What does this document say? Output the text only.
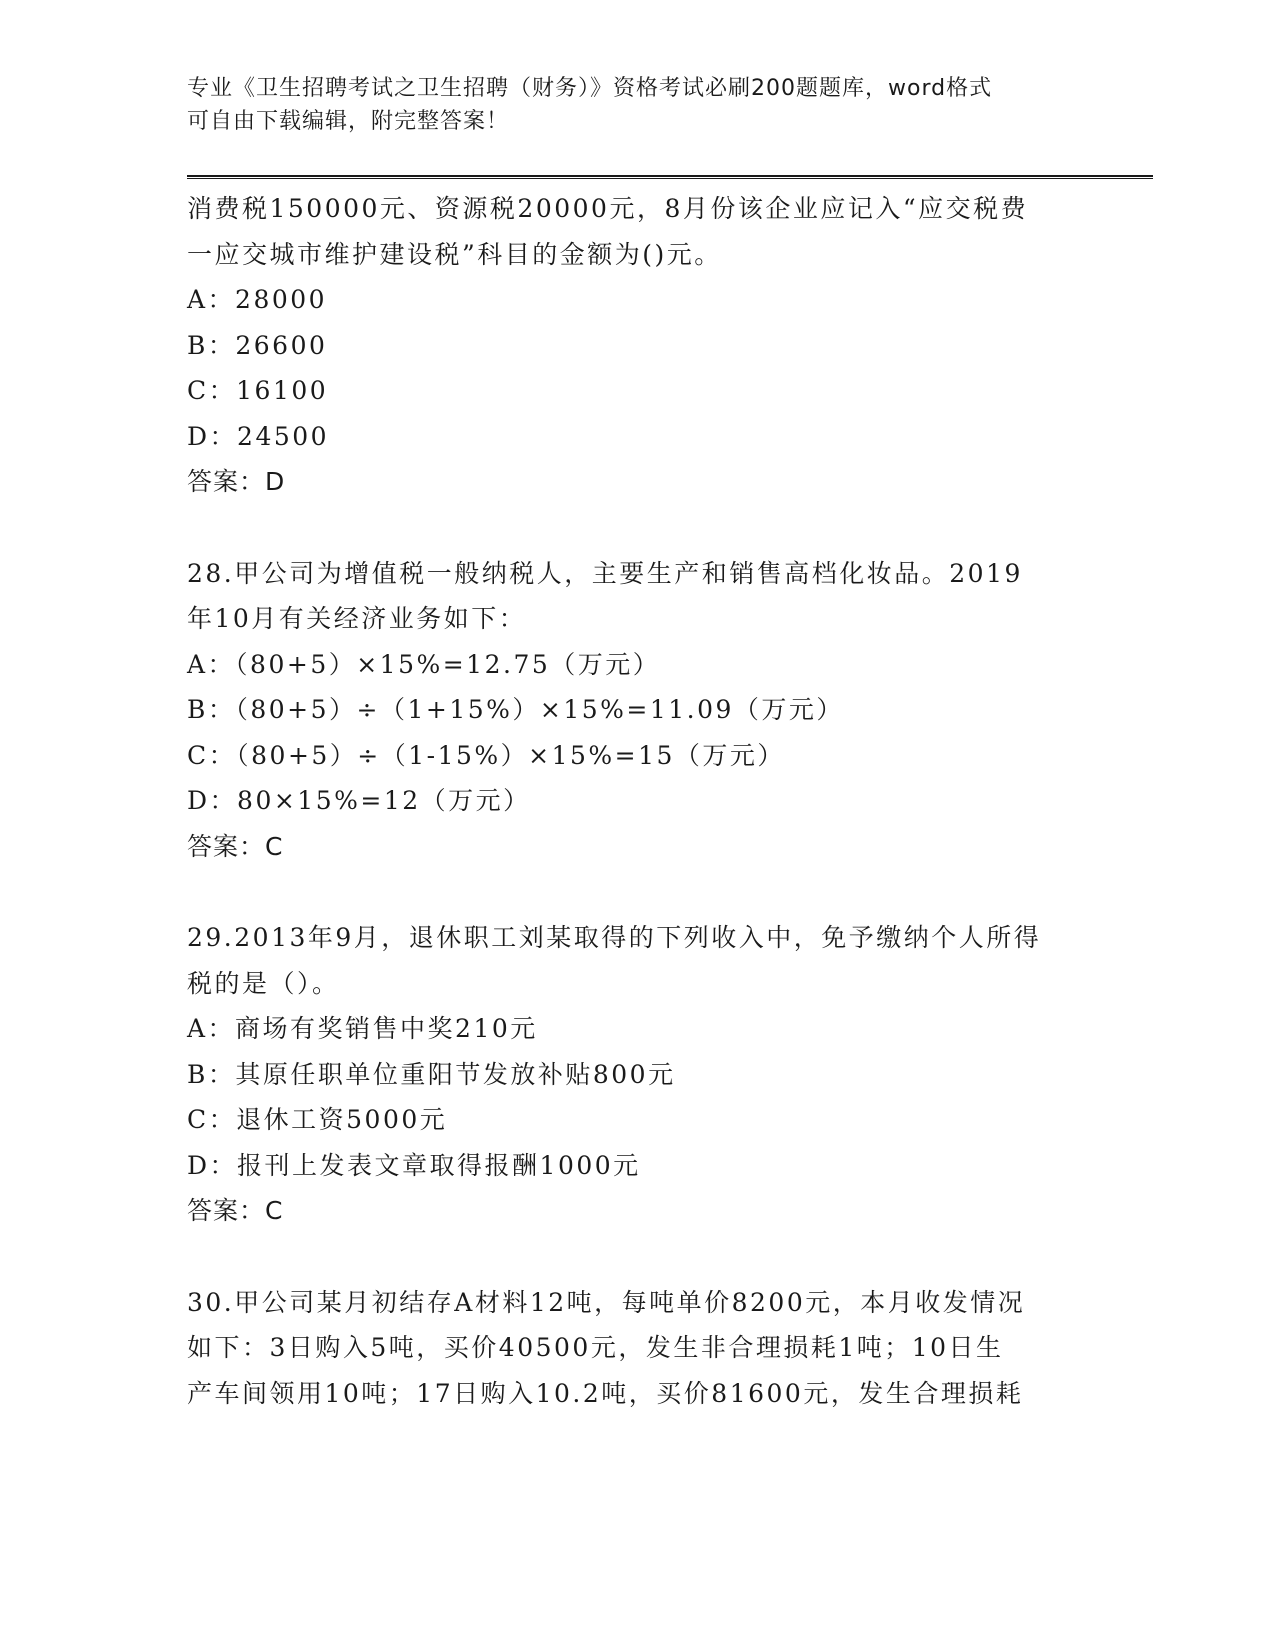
专业《卫生招聘考试之卫生招聘（财务）》资格考试必刷200题题库，word格式
可自由下载编辑，附完整答案！
消费税150000元、资源税20000元，8月份该企业应记入“应交税费
一应交城市维护建设税”科目的金额为()元。
A：28000
B：26600
C：16100
D：24500
答案：D
28.甲公司为增值税一般纳税人，主要生产和销售高档化妆品。2019
年10月有关经济业务如下：
A：（80+5）×15%=12.75（万元）
B：（80+5）÷（1+15%）×15%=11.09（万元）
C：（80+5）÷（1-15%）×15%=15（万元）
D：80×15%=12（万元）
答案：C
29.2013年9月，退休职工刘某取得的下列收入中，免予缴纳个人所得
税的是（）。
A：商场有奖销售中奖210元
B：其原任职单位重阳节发放补贴800元
C：退休工资5000元
D：报刊上发表文章取得报酬1000元
答案：C
30.甲公司某月初结存A材料12吨，每吨单价8200元，本月收发情况
如下：3日购入5吨，买价40500元，发生非合理损耗1吨；10日生
产车间领用10吨；17日购入10.2吨，买价81600元，发生合理损耗
